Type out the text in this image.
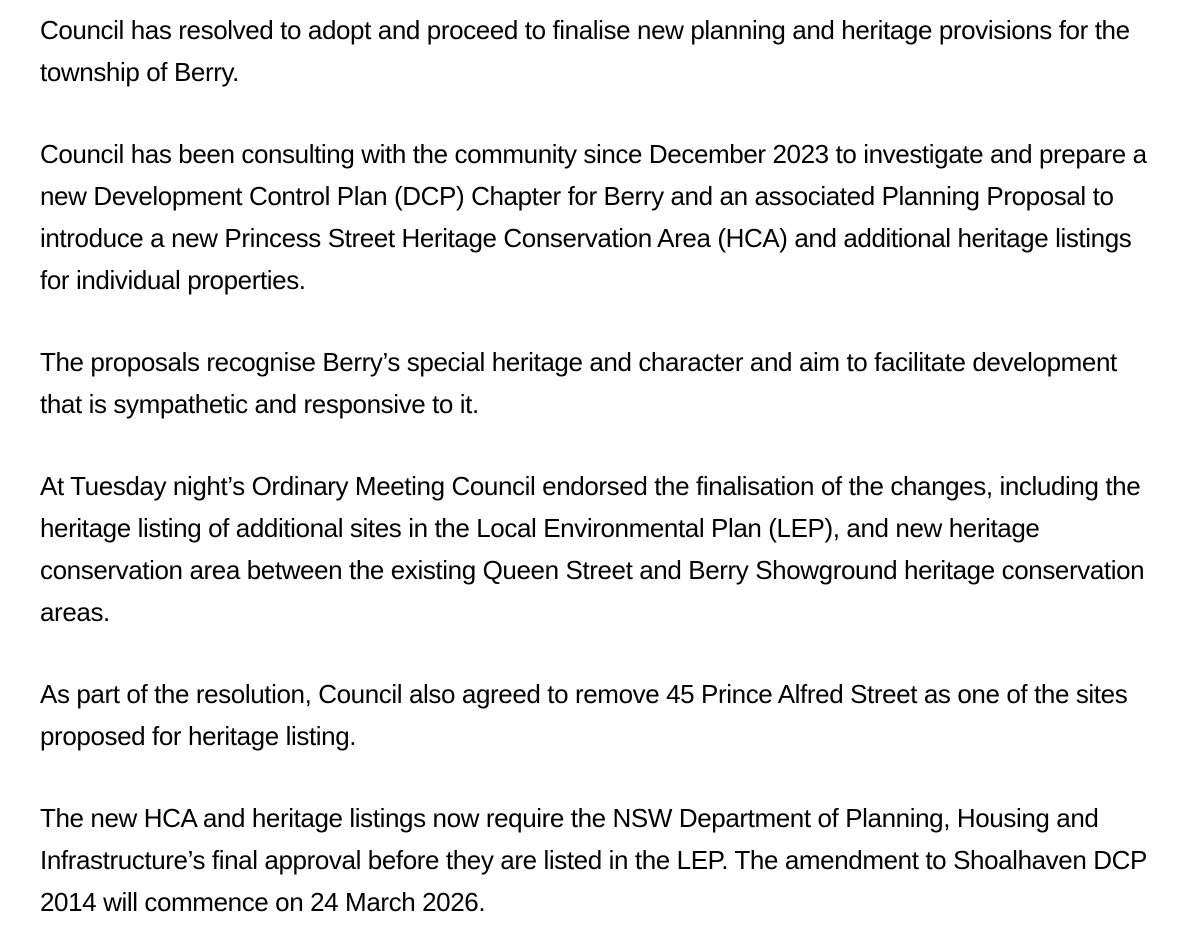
Council has resolved to adopt and proceed to finalise new planning and heritage provisions for the township of Berry.

Council has been consulting with the community since December 2023 to investigate and prepare a new Development Control Plan (DCP) Chapter for Berry and an associated Planning Proposal to introduce a new Princess Street Heritage Conservation Area (HCA) and additional heritage listings for individual properties.

The proposals recognise Berry’s special heritage and character and aim to facilitate development that is sympathetic and responsive to it.

At Tuesday night’s Ordinary Meeting Council endorsed the finalisation of the changes, including the heritage listing of additional sites in the Local Environmental Plan (LEP), and new heritage conservation area between the existing Queen Street and Berry Showground heritage conservation areas.

As part of the resolution, Council also agreed to remove 45 Prince Alfred Street as one of the sites proposed for heritage listing.

The new HCA and heritage listings now require the NSW Department of Planning, Housing and Infrastructure’s final approval before they are listed in the LEP. The amendment to Shoalhaven DCP 2014 will commence on 24 March 2026.
